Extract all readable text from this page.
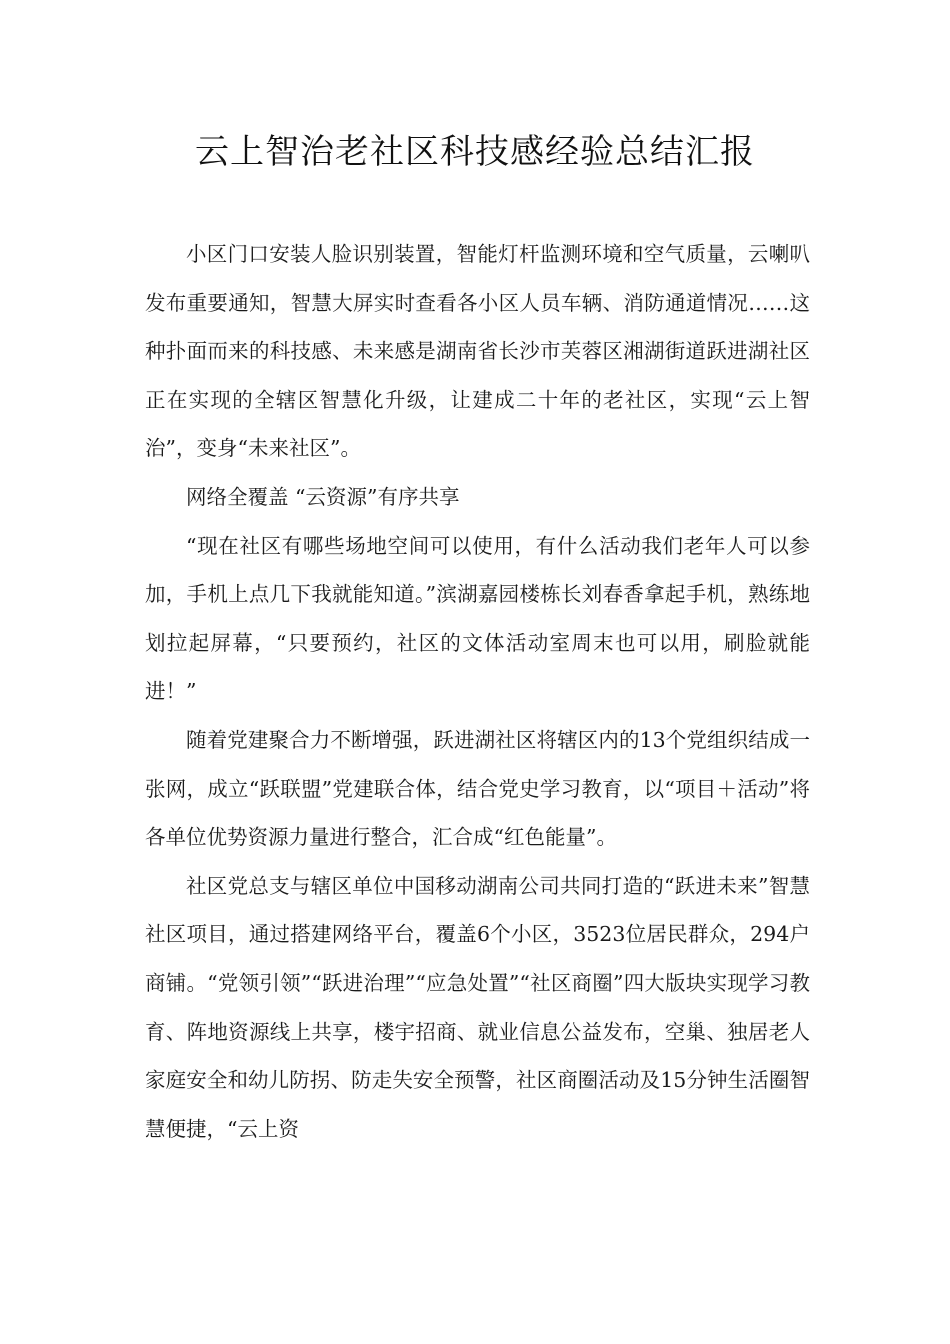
云上智治老社区科技感经验总结汇报

小区门口安装人脸识别装置，智能灯杆监测环境和空气质量，云喇叭发布重要通知，智慧大屏实时查看各小区人员车辆、消防通道情况……这种扑面而来的科技感、未来感是湖南省长沙市芙蓉区湘湖街道跃进湖社区正在实现的全辖区智慧化升级，让建成二十年的老社区，实现“云上智治”，变身“未来社区”。

网络全覆盖 “云资源”有序共享

“现在社区有哪些场地空间可以使用，有什么活动我们老年人可以参加，手机上点几下我就能知道。”滨湖嘉园楼栋长刘春香拿起手机，熟练地划拉起屏幕，“只要预约，社区的文体活动室周末也可以用，刷脸就能进！”

随着党建聚合力不断增强，跃进湖社区将辖区内的13个党组织结成一张网，成立“跃联盟”党建联合体，结合党史学习教育，以“项目＋活动”将各单位优势资源力量进行整合，汇合成“红色能量”。

社区党总支与辖区单位中国移动湖南公司共同打造的“跃进未来”智慧社区项目，通过搭建网络平台，覆盖6个小区，3523位居民群众，294户商铺。“党领引领”“跃进治理”“应急处置”“社区商圈”四大版块实现学习教育、阵地资源线上共享，楼宇招商、就业信息公益发布，空巢、独居老人家庭安全和幼儿防拐、防走失安全预警，社区商圈活动及15分钟生活圈智慧便捷，“云上资
